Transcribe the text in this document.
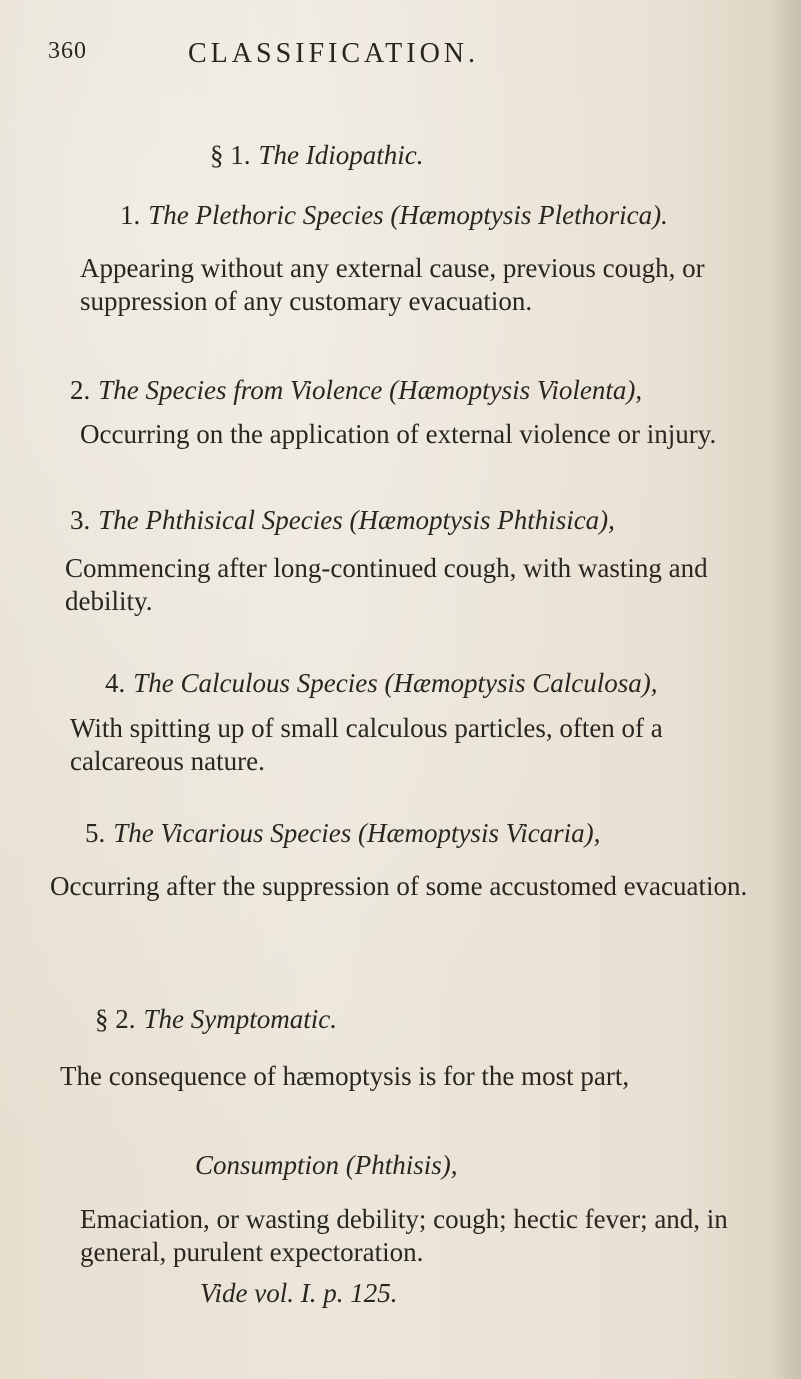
360	CLASSIFICATION.
§ 1. The Idiopathic.
1. The Plethoric Species (Hæmoptysis Plethorica).
Appearing without any external cause, previous cough, or suppression of any customary evacuation.
2. The Species from Violence (Hæmoptysis Violenta),
Occurring on the application of external violence or injury.
3. The Phthisical Species (Hæmoptysis Phthisica),
Commencing after long-continued cough, with wasting and debility.
4. The Calculous Species (Hæmoptysis Calculosa),
With spitting up of small calculous particles, often of a calcareous nature.
5. The Vicarious Species (Hæmoptysis Vicaria),
Occurring after the suppression of some accustomed evacuation.
§ 2. The Symptomatic.
The consequence of hæmoptysis is for the most part,
Consumption (Phthisis),
Emaciation, or wasting debility; cough; hectic fever; and, in general, purulent expectoration.
Vide vol. I. p. 125.
